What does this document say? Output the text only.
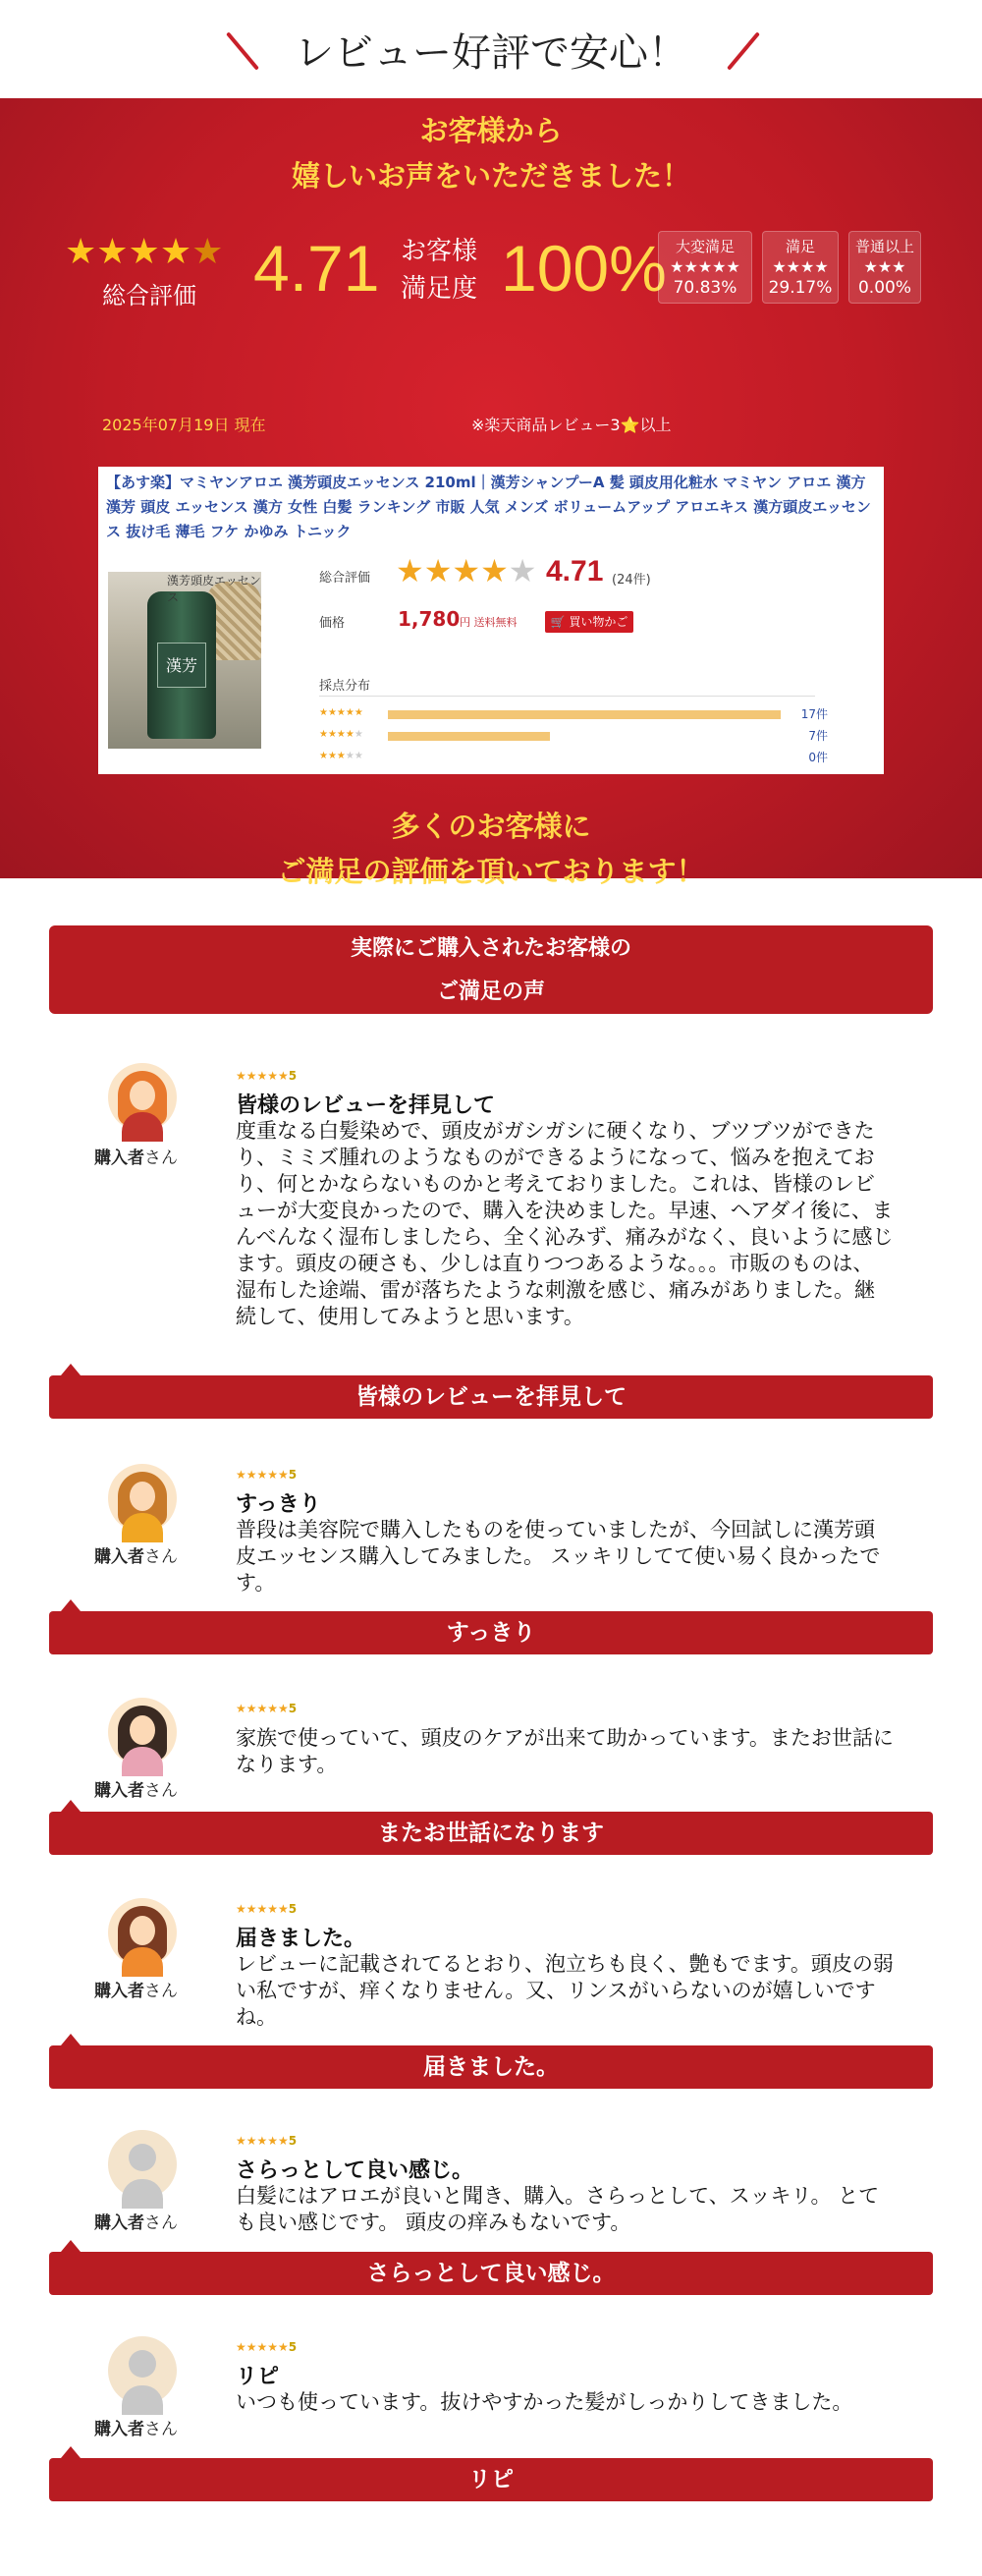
レビュー好評で安心！
お客様から
嬉しいお声をいただきました！
★★★★★
総合評価 4.71 お客様
満足度 100% 大変満足
★★★★★
70.83%
満足
★★★★
29.17%
普通以上
★★★
0.00%
2025年07月19日 現在	※楽天商品レビュー3⭐以上
【あす楽】マミヤンアロエ 漢芳頭皮エッセンス 210ml｜漢芳シャンプーA 髪 頭皮用化粧水 マミヤン アロエ 漢方 漢芳 頭皮 エッセンス 漢方 女性 白髪 ランキング 市販 人気 メンズ ボリュームアップ アロエキス 漢方頭皮エッセンス 抜け毛 薄毛 フケ かゆみ トニック
漢芳
漢芳頭皮エッセンス
総合評価 ★★★★★ 4.71 (24件)
価格	1,780 円 送料無料	🛒 買い物かご
採点分布
★★★★★	17件
★★★★★	7件
★★★★★	0件
多くのお客様に
ご満足の評価を頂いております！
実際にご購入されたお客様の
ご満足の声
購入者さん
★★★★★5
皆様のレビューを拝見して
度重なる白髪染めで、頭皮がガシガシに硬くなり、ブツブツができたり、ミミズ腫れのようなものができるようになって、悩みを抱えており、何とかならないものかと考えておりました。これは、皆様のレビューが大変良かったので、購入を決めました。早速、ヘアダイ後に、まんべんなく湿布しましたら、全く沁みず、痛みがなく、良いように感じます。頭皮の硬さも、少しは直りつつあるような。。。市販のものは、湿布した途端、雷が落ちたような刺激を感じ、痛みがありました。継続して、使用してみようと思います。
皆様のレビューを拝見して
購入者さん
★★★★★5
すっきり
普段は美容院で購入したものを使っていましたが、今回試しに漢芳頭皮エッセンス購入してみました。 スッキリしてて使い易く良かったです。
すっきり
購入者さん
★★★★★5
家族で使っていて、頭皮のケアが出来て助かっています。またお世話になります。
またお世話になります
購入者さん
★★★★★5
届きました。
レビューに記載されてるとおり、泡立ちも良く、艶もでます。頭皮の弱い私ですが、痒くなりません。又、リンスがいらないのが嬉しいですね。
届きました。
購入者さん
★★★★★5
さらっとして良い感じ。
白髪にはアロエが良いと聞き、購入。さらっとして、スッキリ。 とても良い感じです。 頭皮の痒みもないです。
さらっとして良い感じ。
購入者さん
★★★★★5
リピ
いつも使っています。抜けやすかった髪がしっかりしてきました。
リピ
